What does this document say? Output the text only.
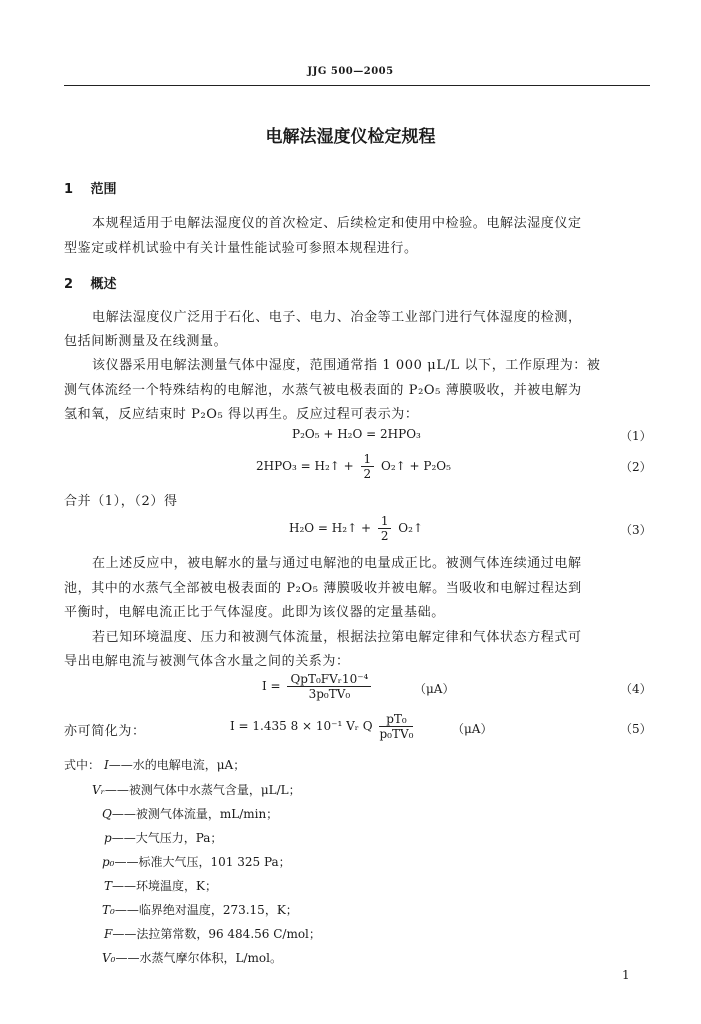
JJG 500—2005
电解法湿度仪检定规程
1 范围
本规程适用于电解法湿度仪的首次检定、后续检定和使用中检验。电解法湿度仪定
型鉴定或样机试验中有关计量性能试验可参照本规程进行。
2 概述
电解法湿度仪广泛用于石化、电子、电力、冶金等工业部门进行气体湿度的检测，
包括间断测量及在线测量。
该仪器采用电解法测量气体中湿度，范围通常指 1 000 μL/L 以下，工作原理为：被
测气体流经一个特殊结构的电解池，水蒸气被电极表面的 P₂O₅ 薄膜吸收，并被电解为
氢和氧，反应结束时 P₂O₅ 得以再生。反应过程可表示为：
P₂O₅ + H₂O = 2HPO₃	（1）
2HPO₃ = H₂↑ + $\frac{1}{2}$ O₂↑ + P₂O₅	（2）
合并（1），（2）得
H₂O = H₂↑ + $\frac{1}{2}$ O₂↑	（3）
在上述反应中，被电解水的量与通过电解池的电量成正比。被测气体连续通过电解
池，其中的水蒸气全部被电极表面的 P₂O₅ 薄膜吸收并被电解。当吸收和电解过程达到
平衡时，电解电流正比于气体湿度。此即为该仪器的定量基础。
若已知环境温度、压力和被测气体流量，根据法拉第电解定律和气体状态方程式可
导出电解电流与被测气体含水量之间的关系为：
$I = \frac{\text{QpT₀FVᵣ10⁻⁴}}{\text{3p₀TV₀}}$	（μA）	（4）
亦可简化为：	I = 1.435 8 × 10⁻¹ Vᵣ Q $\frac{\text{pT₀}}{\text{p₀TV₀}}$	（μA）	（5）
式中： I——水的电解电流，μA；
Vᵣ——被测气体中水蒸气含量，μL/L；
Q——被测气体流量，mL/min；
p——大气压力，Pa；
p₀——标准大气压，101 325 Pa；
T——环境温度，K；
T₀——临界绝对温度，273.15，K；
F——法拉第常数，96 484.56 C/mol；
V₀——水蒸气摩尔体积，L/mol。
1
